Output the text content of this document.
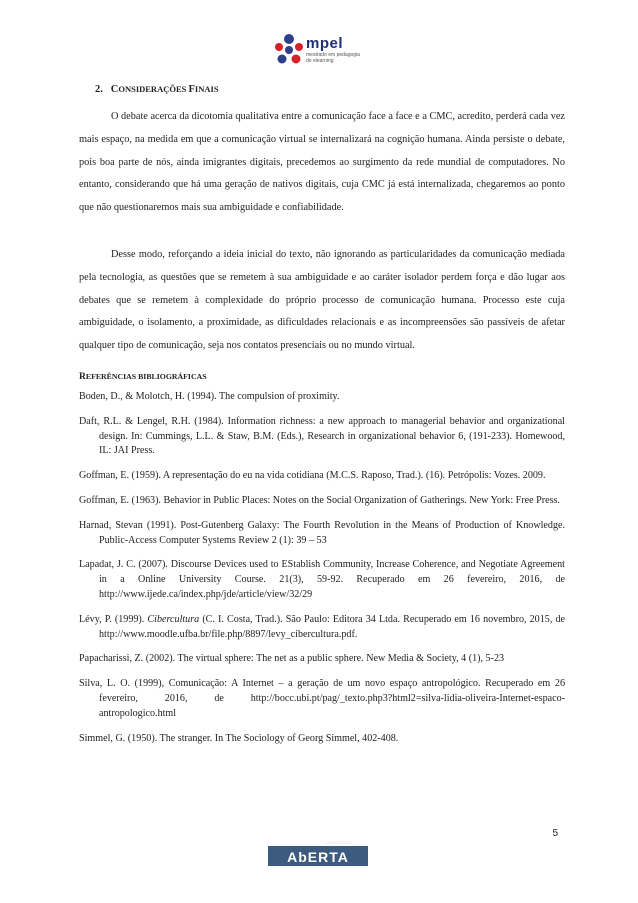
mpel
mestrado em pedagogia do elearning
2. CONSIDERAÇÕES FINAIS

O debate acerca da dicotomia qualitativa entre a comunicação face a face e a CMC, acredito, perderá cada vez mais espaço, na medida em que a comunicação virtual se internalizará na cognição humana. Ainda persiste o debate, pois boa parte de nós, ainda imigrantes digitais, precedemos ao surgimento da rede mundial de computadores. No entanto, considerando que há uma geração de nativos digitais, cuja CMC já está internalizada, chegaremos ao ponto que não questionaremos mais sua ambiguidade e confiabilidade.

Desse modo, reforçando a ideia inicial do texto, não ignorando as particularidades da comunicação mediada pela tecnologia, as questões que se remetem à sua ambiguidade e ao caráter isolador perdem força e dão lugar aos debates que se remetem à complexidade do próprio processo de comunicação humana. Processo este cuja ambiguidade, o isolamento, a proximidade, as dificuldades relacionais e as incompreensões são passíveis de afetar qualquer tipo de comunicação, seja nos contatos presenciais ou no mundo virtual.

REFERÊNCIAS BIBLIOGRÁFICAS

Boden, D., & Molotch, H. (1994). The compulsion of proximity.

Daft, R.L. & Lengel, R.H. (1984). Information richness: a new approach to managerial behavior and organizational design. In: Cummings, L.L. & Staw, B.M. (Eds.), Research in organizational behavior 6, (191-233). Homewood, IL: JAI Press.

Goffman, E. (1959). A representação do eu na vida cotidiana (M.C.S. Raposo, Trad.). (16). Petrópolis: Vozes. 2009.

Goffman, E. (1963). Behavior in Public Places: Notes on the Social Organization of Gatherings. New York: Free Press.

Harnad, Stevan (1991). Post-Gutenberg Galaxy: The Fourth Revolution in the Means of Production of Knowledge. Public-Access Computer Systems Review 2 (1): 39 – 53

Lapadat, J. C. (2007). Discourse Devices used to EStablish Community, Increase Coherence, and Negotiate Agreement in a Online University Course. 21(3), 59-92. Recuperado em 26 fevereiro, 2016, de http://www.ijede.ca/index.php/jde/article/view/32/29

Lévy, P. (1999). Cibercultura (C. I. Costa, Trad.). São Paulo: Editora 34 Ltda. Recuperado em 16 novembro, 2015, de http://www.moodle.ufba.br/file.php/8897/levy_cibercultura.pdf.

Papacharissi, Z. (2002). The virtual sphere: The net as a public sphere. New Media & Society, 4 (1), 5-23

Silva, L. O. (1999), Comunicação: A Internet – a geração de um novo espaço antropológico. Recuperado em 26 fevereiro, 2016, de http://bocc.ubi.pt/pag/_texto.php3?html2=silva-lidia-oliveira-Internet-espaco-antropologico.html

Simmel, G. (1950). The stranger. In The Sociology of Georg Simmel, 402-408.

5
UNIVERSIDADE
AbERTA
